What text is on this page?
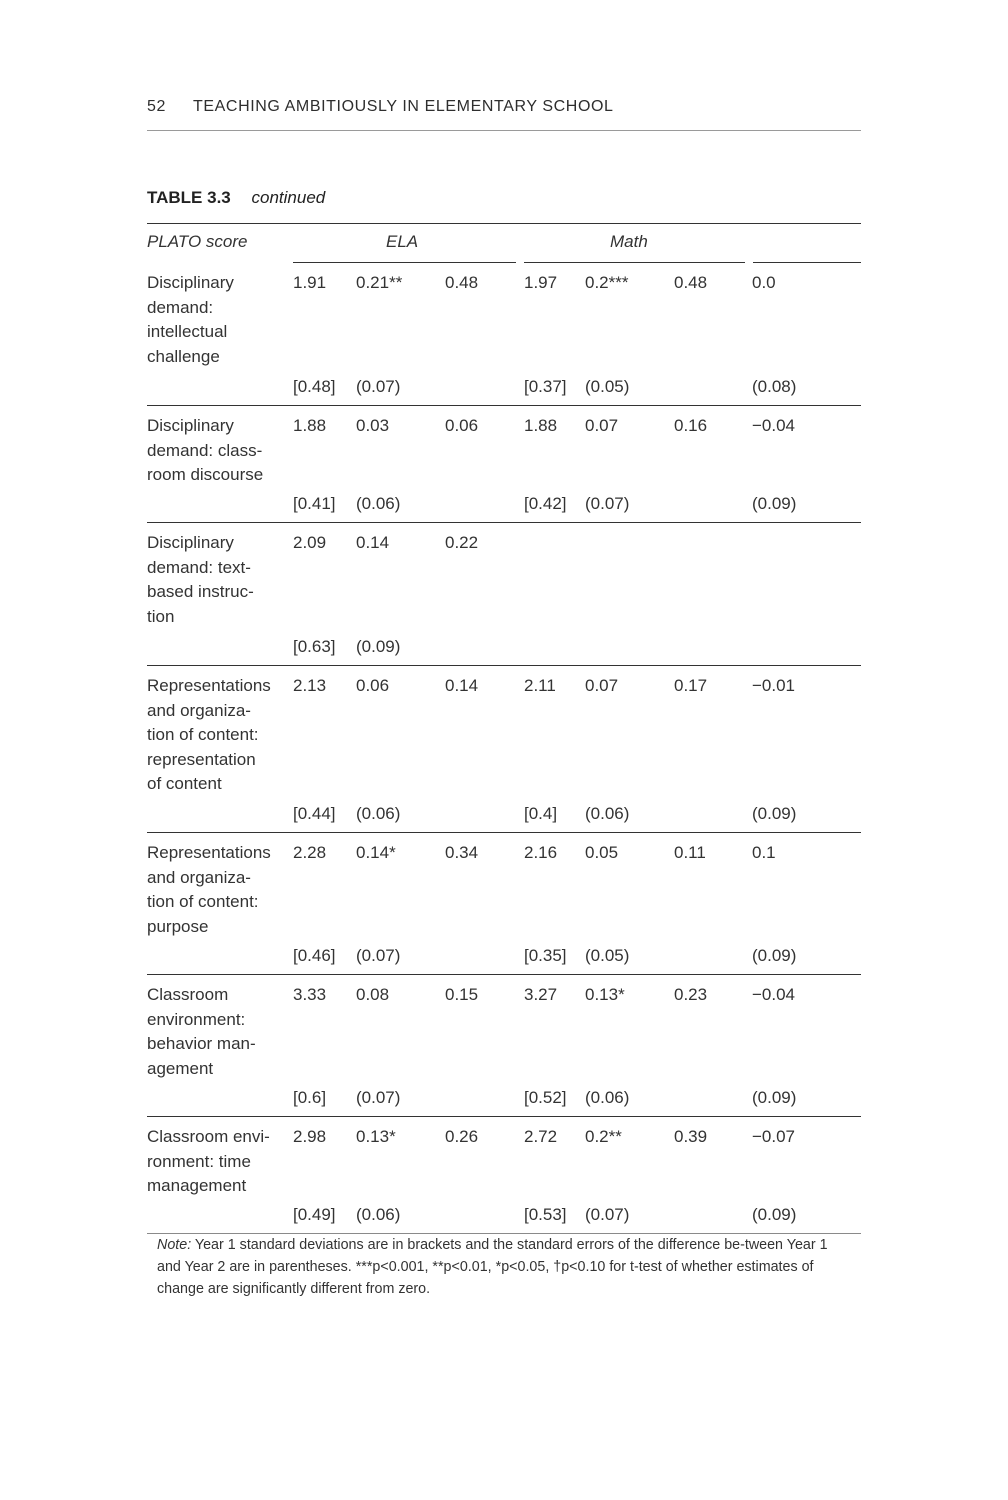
52 TEACHING AMBITIOUSLY IN ELEMENTARY SCHOOL
TABLE 3.3 continued
PLATO score	ELA	Math
Disciplinary
demand:
intellectual
challenge
1.91 0.21**	0.48	1.97 0.2***	0.48	0.0
[0.48] (0.07)	[0.37] (0.05)	(0.08)
Disciplinary
demand: class-
room discourse
1.88 0.03	0.06	1.88 0.07	0.16	−0.04
[0.41] (0.06)	[0.42] (0.07)	(0.09)
Disciplinary
demand: text-
based instruc-
tion
2.09 0.14	0.22
[0.63] (0.09)
Representations
and organiza-
tion of content:
representation
of content
2.13 0.06	0.14	2.11 0.07	0.17	−0.01
[0.44] (0.06)	[0.4] (0.06)	(0.09)
Representations
and organiza-
tion of content:
purpose
2.28 0.14*	0.34	2.16 0.05	0.11	0.1
[0.46] (0.07)	[0.35] (0.05)	(0.09)
Classroom
environment:
behavior man-
agement
3.33 0.08	0.15	3.27 0.13*	0.23	−0.04
[0.6] (0.07)	[0.52] (0.06)	(0.09)
Classroom envi-
ronment: time
management
2.98 0.13*	0.26	2.72 0.2**	0.39	−0.07
[0.49] (0.06)	[0.53] (0.07)	(0.09)
Note: Year 1 standard deviations are in brackets and the standard errors of the difference be-tween Year 1 and Year 2 are in parentheses. ***p<0.001, **p<0.01, *p<0.05, †p<0.10 for t-test of whether estimates of change are significantly different from zero.
